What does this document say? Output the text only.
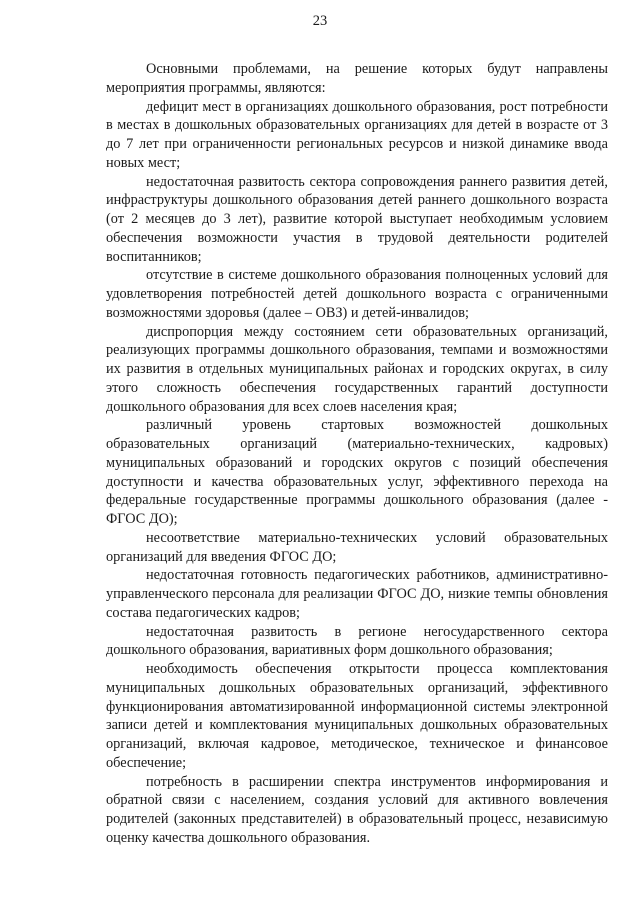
23

Основными проблемами, на решение которых будут направлены мероприятия программы, являются:

дефицит мест в организациях дошкольного образования, рост потребности в местах в дошкольных образовательных организациях для детей в возрасте от 3 до 7 лет при ограниченности региональных ресурсов и низкой динамике ввода новых мест;

недостаточная развитость сектора сопровождения раннего развития детей, инфраструктуры дошкольного образования детей раннего дошкольного возраста (от 2 месяцев до 3 лет), развитие которой выступает необходимым условием обеспечения возможности участия в трудовой деятельности родителей воспитанников;

отсутствие в системе дошкольного образования полноценных условий для удовлетворения потребностей детей дошкольного возраста с ограниченными возможностями здоровья (далее – ОВЗ) и детей-инвалидов;

диспропорция между состоянием сети образовательных организаций, реализующих программы дошкольного образования, темпами и возможностями их развития в отдельных муниципальных районах и городских округах, в силу этого сложность обеспечения государственных гарантий доступности дошкольного образования для всех слоев населения края;

различный уровень стартовых возможностей дошкольных образовательных организаций (материально-технических, кадровых) муниципальных образований и городских округов с позиций обеспечения доступности и качества образовательных услуг, эффективного перехода на федеральные государственные программы дошкольного образования (далее - ФГОС ДО);

несоответствие материально-технических условий образовательных организаций для введения ФГОС ДО;

недостаточная готовность педагогических работников, административно-управленческого персонала для реализации ФГОС ДО, низкие темпы обновления состава педагогических кадров;

недостаточная развитость в регионе негосударственного сектора дошкольного образования, вариативных форм дошкольного образования;

необходимость обеспечения открытости процесса комплектования муниципальных дошкольных образовательных организаций, эффективного функционирования автоматизированной информационной системы электронной записи детей и комплектования муниципальных дошкольных образовательных организаций, включая кадровое, методическое, техническое и финансовое обеспечение;

потребность в расширении спектра инструментов информирования и обратной связи с населением, создания условий для активного вовлечения родителей (законных представителей) в образовательный процесс, независимую оценку качества дошкольного образования.
